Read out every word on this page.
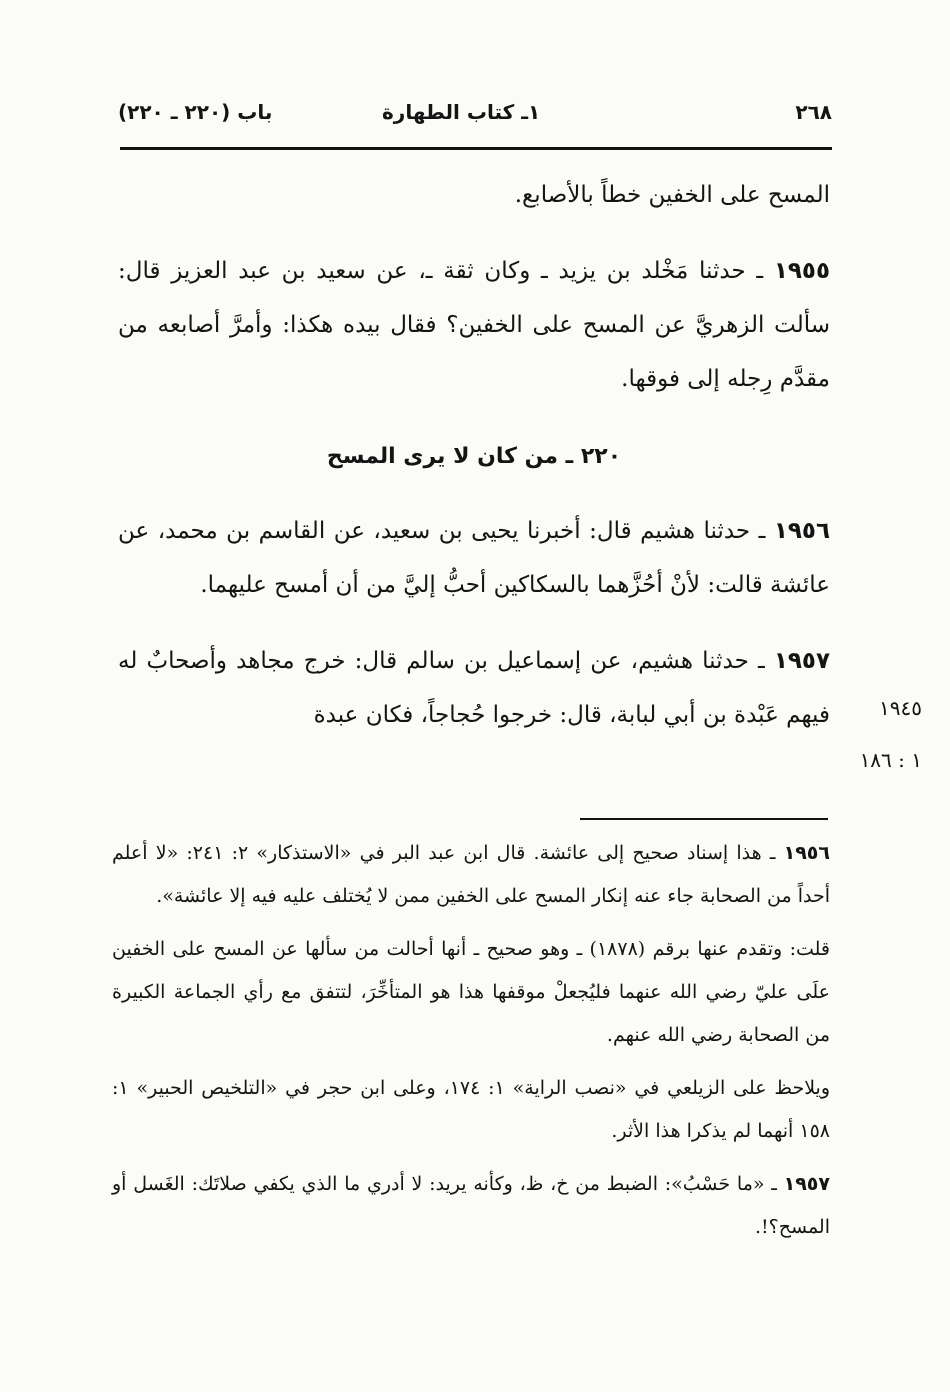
٢٦٨
١ـ كتاب الطهارة
باب (٢٢٠ ـ ٢٢٠)

المسح على الخفين خطاً بالأصابع.

١٩٥٥ ـ حدثنا مَخْلد بن يزيد ـ وكان ثقة ـ، عن سعيد بن عبد العزيز قال: سألت الزهريَّ عن المسح على الخفين؟ فقال بيده هكذا: وأمرَّ أصابعه من مقدَّم رِجله إلى فوقها.

٢٢٠ ـ من كان لا يرى المسح

١٩٥٦ ـ حدثنا هشيم قال: أخبرنا يحيى بن سعيد، عن القاسم بن محمد، عن عائشة قالت: لأنْ أحُزَّهما بالسكاكين أحبُّ إليَّ من أن أمسح عليهما.

١٩٥٧ ـ حدثنا هشيم، عن إسماعيل بن سالم قال: خرج مجاهد وأصحابٌ له فيهم عَبْدة بن أبي لبابة، قال: خرجوا حُجاجاً، فكان عبدة	١٩٤٥
١ : ١٨٦

١٩٥٦ ـ هذا إسناد صحيح إلى عائشة. قال ابن عبد البر في «الاستذكار» ٢: ٢٤١: «لا أعلم أحداً من الصحابة جاء عنه إنكار المسح على الخفين ممن لا يُختلف عليه فيه إلا عائشة».

قلت: وتقدم عنها برقم (١٨٧٨) ـ وهو صحيح ـ أنها أحالت من سألها عن المسح على الخفين علَى عليّ رضي الله عنهما فليُجعلْ موقفها هذا هو المتأخِّرَ، لتتفق مع رأي الجماعة الكبيرة من الصحابة رضي الله عنهم.

ويلاحظ على الزيلعي في «نصب الراية» ١: ١٧٤، وعلى ابن حجر في «التلخيص الحبير» ١: ١٥٨ أنهما لم يذكرا هذا الأثر.

١٩٥٧ ـ «ما حَسْبُ»: الضبط من خ، ظ، وكأنه يريد: لا أدري ما الذي يكفي صلاتَك: الغَسل أو المسح؟!.
